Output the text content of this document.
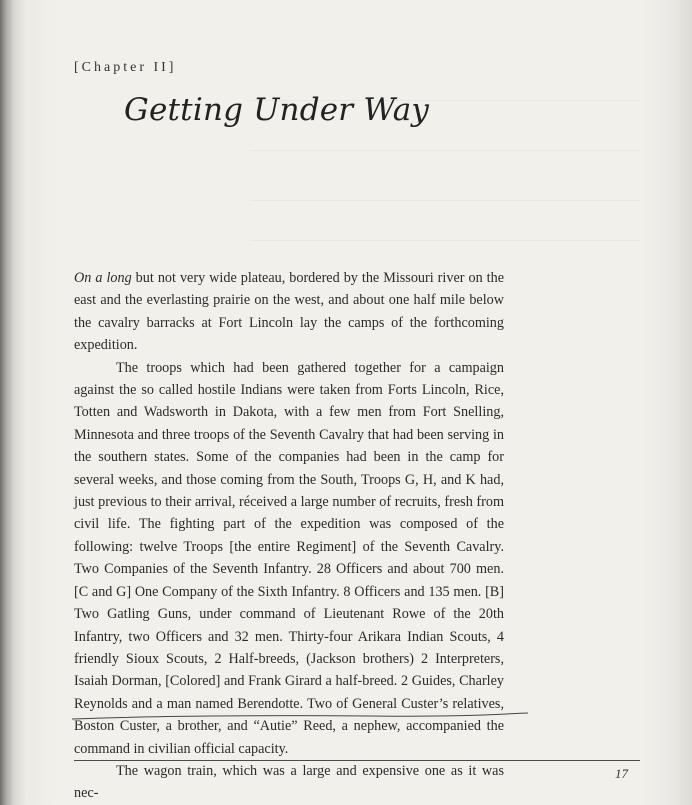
[Chapter II]
Getting Under Way

On a long but not very wide plateau, bordered by the Missouri river on the east and the everlasting prairie on the west, and about one half mile below the cavalry barracks at Fort Lincoln lay the camps of the forthcoming expedition.

The troops which had been gathered together for a campaign against the so called hostile Indians were taken from Forts Lincoln, Rice, Totten and Wadsworth in Dakota, with a few men from Fort Snelling, Minnesota and three troops of the Seventh Cavalry that had been serving in the southern states. Some of the companies had been in the camp for several weeks, and those coming from the South, Troops G, H, and K had, just previous to their arrival, réceived a large number of recruits, fresh from civil life. The fighting part of the expedition was composed of the following: twelve Troops [the entire Regiment] of the Seventh Cavalry. Two Companies of the Seventh Infantry. 28 Officers and about 700 men. [C and G] One Company of the Sixth Infantry. 8 Officers and 135 men. [B] Two Gatling Guns, under command of Lieutenant Rowe of the 20th Infantry, two Officers and 32 men. Thirty-four Arikara Indian Scouts, 4 friendly Sioux Scouts, 2 Half-breeds, (Jackson brothers) 2 Interpreters, Isaiah Dorman, [Colored] and Frank Girard a half-breed. 2 Guides, Charley Reynolds and a man named Berendotte. Two of General Custer’s relatives, Boston Custer, a brother, and “Autie” Reed, a nephew, accompanied the command in civilian official capacity.

The wagon train, which was a large and expensive one as it was nec-

17
